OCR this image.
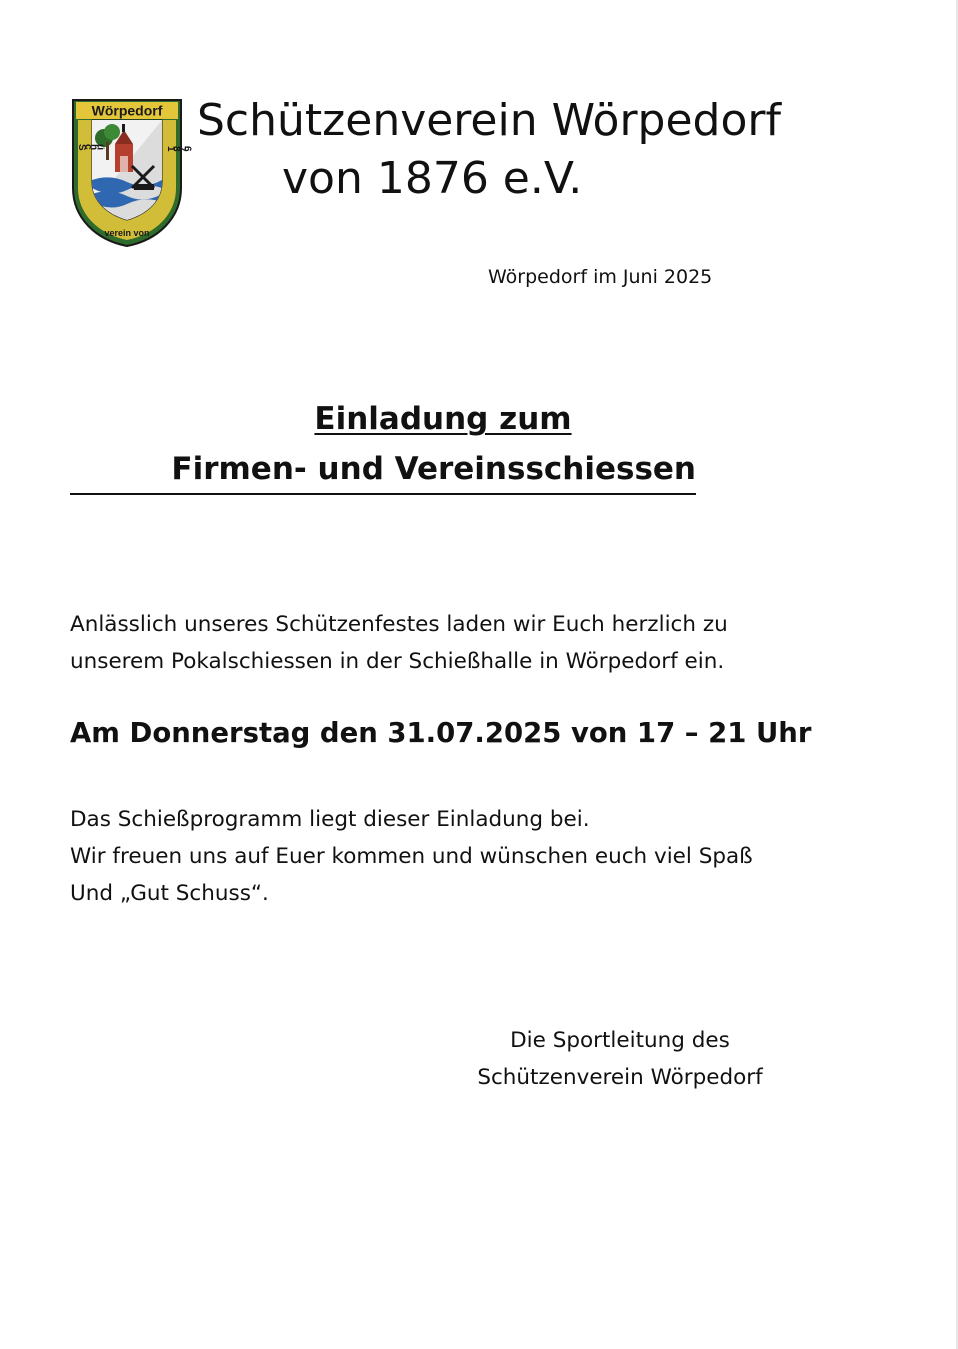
Wörpedorf
Schü
verein von
1876
Schützenverein Wörpedorf
von 1876 e.V.
Wörpedorf im Juni 2025
Einladung zum
Firmen- und Vereinsschiessen
Anlässlich unseres Schützenfestes laden wir Euch herzlich zu
unserem Pokalschiessen in der Schießhalle in Wörpedorf ein.
Am Donnerstag den 31.07.2025 von 17 – 21 Uhr
Das Schießprogramm liegt dieser Einladung bei.
Wir freuen uns auf Euer kommen und wünschen euch viel Spaß
Und „Gut Schuss“.
Die Sportleitung des
Schützenverein Wörpedorf
